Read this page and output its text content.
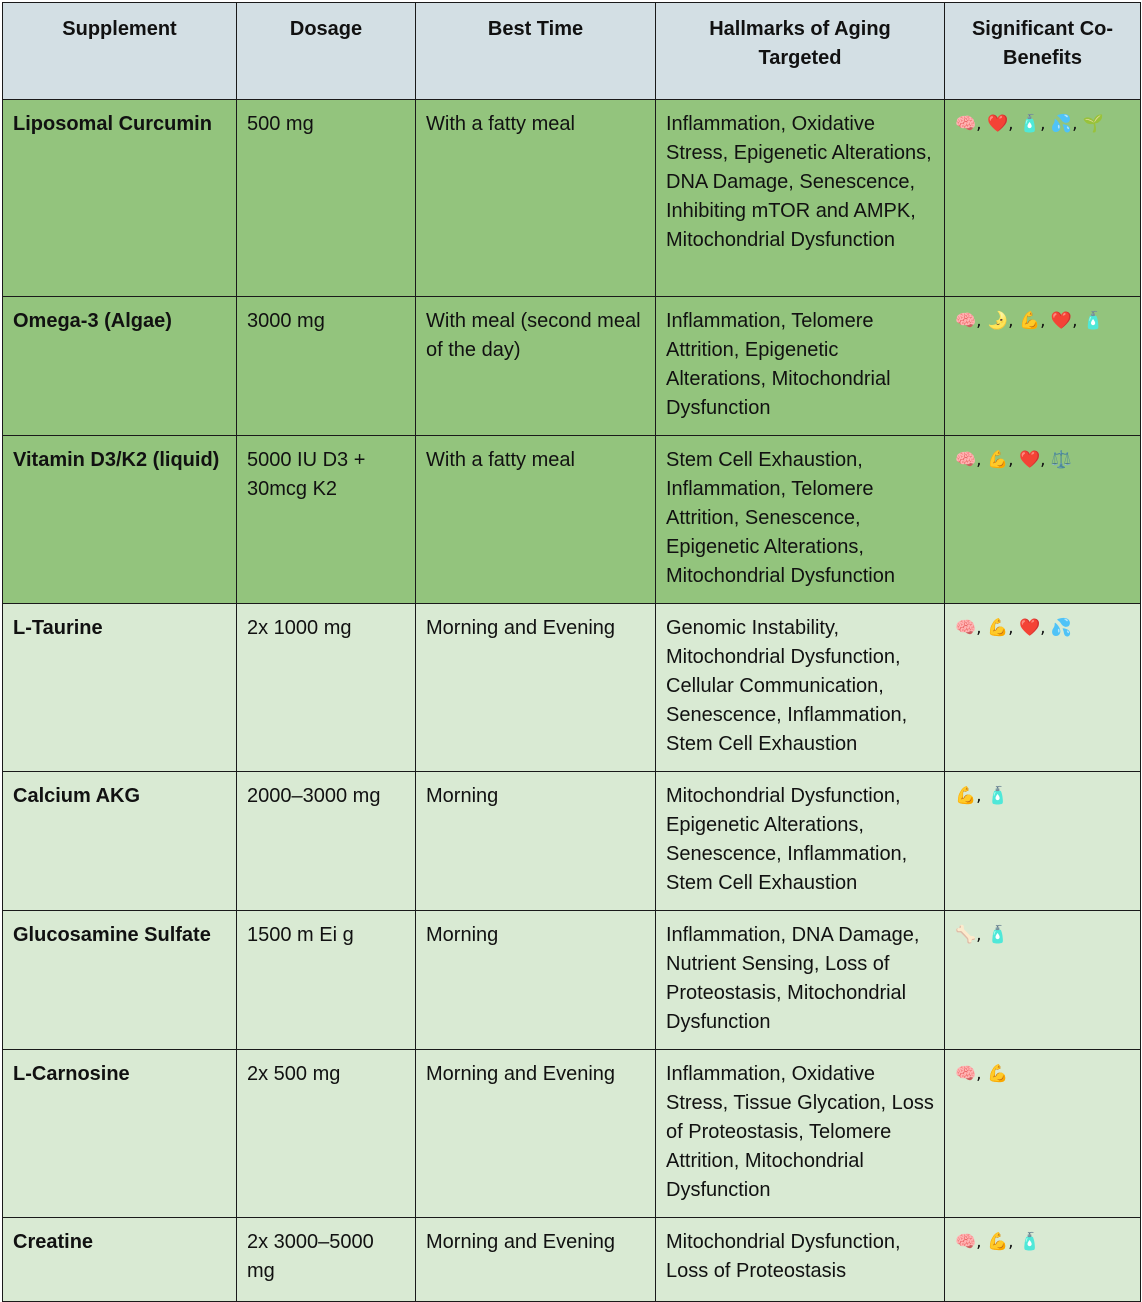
Supplement	Dosage	Best Time	Hallmarks of Aging Targeted	Significant Co-Benefits
Liposomal Curcumin	500 mg	With a fatty meal	Inflammation, Oxidative Stress, Epigenetic Alterations, DNA Damage, Senescence, Inhibiting mTOR and AMPK, Mitochondrial Dysfunction	🧠, ❤️, 🧴, 💦, 🌱
Omega-3 (Algae)	3000 mg	With meal (second meal of the day)	Inflammation, Telomere Attrition, Epigenetic Alterations, Mitochondrial Dysfunction	🧠, 🌛, 💪, ❤️, 🧴
Vitamin D3/K2 (liquid)	5000 IU D3 + 30mcg K2	With a fatty meal	Stem Cell Exhaustion, Inflammation, Telomere Attrition, Senescence, Epigenetic Alterations, Mitochondrial Dysfunction	🧠, 💪, ❤️, ⚖️
L-Taurine	2x 1000 mg	Morning and Evening	Genomic Instability, Mitochondrial Dysfunction, Cellular Communication, Senescence, Inflammation, Stem Cell Exhaustion	🧠, 💪, ❤️, 💦
Calcium AKG	2000–3000 mg	Morning	Mitochondrial Dysfunction, Epigenetic Alterations, Senescence, Inflammation, Stem Cell Exhaustion	💪, 🧴
Glucosamine Sulfate	1500 m Ei g	Morning	Inflammation, DNA Damage, Nutrient Sensing, Loss of Proteostasis, Mitochondrial Dysfunction	🦴, 🧴
L-Carnosine	2x 500 mg	Morning and Evening	Inflammation, Oxidative Stress, Tissue Glycation, Loss of Proteostasis, Telomere Attrition, Mitochondrial Dysfunction	🧠, 💪
Creatine	2x 3000–5000 mg	Morning and Evening	Mitochondrial Dysfunction, Loss of Proteostasis	🧠, 💪, 🧴
